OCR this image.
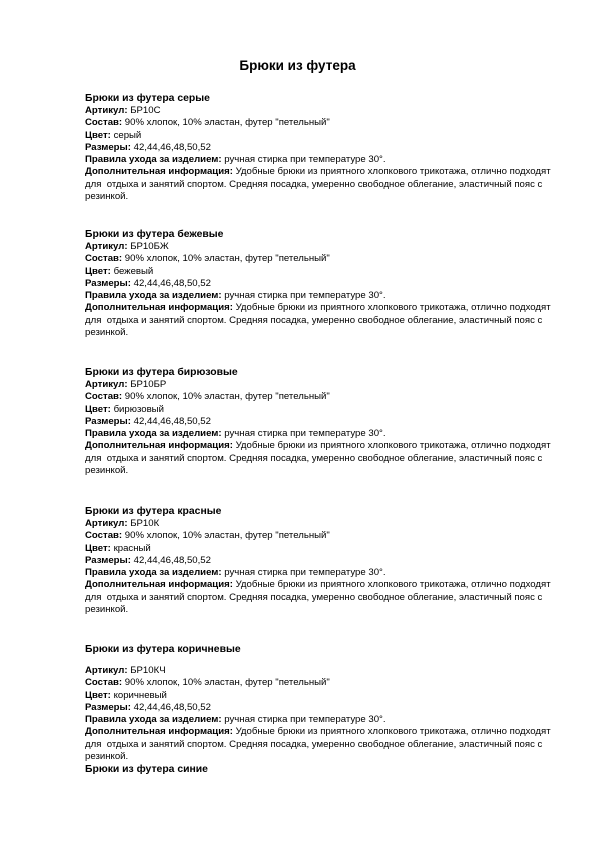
Брюки из футера
Брюки из футера серые
Артикул: БР10С
Состав: 90% хлопок, 10% эластан, футер "петельный"
Цвет: серый
Размеры: 42,44,46,48,50,52
Правила ухода за изделием: ручная стирка при температуре 30°.
Дополнительная информация: Удобные брюки из приятного хлопкового трикотажа, отлично подходят для  отдыха и занятий спортом. Средняя посадка, умеренно свободное облегание, эластичный пояс с резинкой.
Брюки из футера бежевые
Артикул: БР10БЖ
Состав: 90% хлопок, 10% эластан, футер "петельный"
Цвет: бежевый
Размеры: 42,44,46,48,50,52
Правила ухода за изделием: ручная стирка при температуре 30°.
Дополнительная информация: Удобные брюки из приятного хлопкового трикотажа, отлично подходят для  отдыха и занятий спортом. Средняя посадка, умеренно свободное облегание, эластичный пояс с резинкой.
Брюки из футера бирюзовые
Артикул: БР10БР
Состав: 90% хлопок, 10% эластан, футер "петельный"
Цвет: бирюзовый
Размеры: 42,44,46,48,50,52
Правила ухода за изделием: ручная стирка при температуре 30°.
Дополнительная информация: Удобные брюки из приятного хлопкового трикотажа, отлично подходят для  отдыха и занятий спортом. Средняя посадка, умеренно свободное облегание, эластичный пояс с резинкой.
Брюки из футера красные
Артикул: БР10К
Состав: 90% хлопок, 10% эластан, футер "петельный"
Цвет: красный
Размеры: 42,44,46,48,50,52
Правила ухода за изделием: ручная стирка при температуре 30°.
Дополнительная информация: Удобные брюки из приятного хлопкового трикотажа, отлично подходят для  отдыха и занятий спортом. Средняя посадка, умеренно свободное облегание, эластичный пояс с резинкой.
Брюки из футера коричневые
Артикул: БР10КЧ
Состав: 90% хлопок, 10% эластан, футер "петельный"
Цвет: коричневый
Размеры: 42,44,46,48,50,52
Правила ухода за изделием: ручная стирка при температуре 30°.
Дополнительная информация: Удобные брюки из приятного хлопкового трикотажа, отлично подходят для  отдыха и занятий спортом. Средняя посадка, умеренно свободное облегание, эластичный пояс с резинкой.
Брюки из футера синие
